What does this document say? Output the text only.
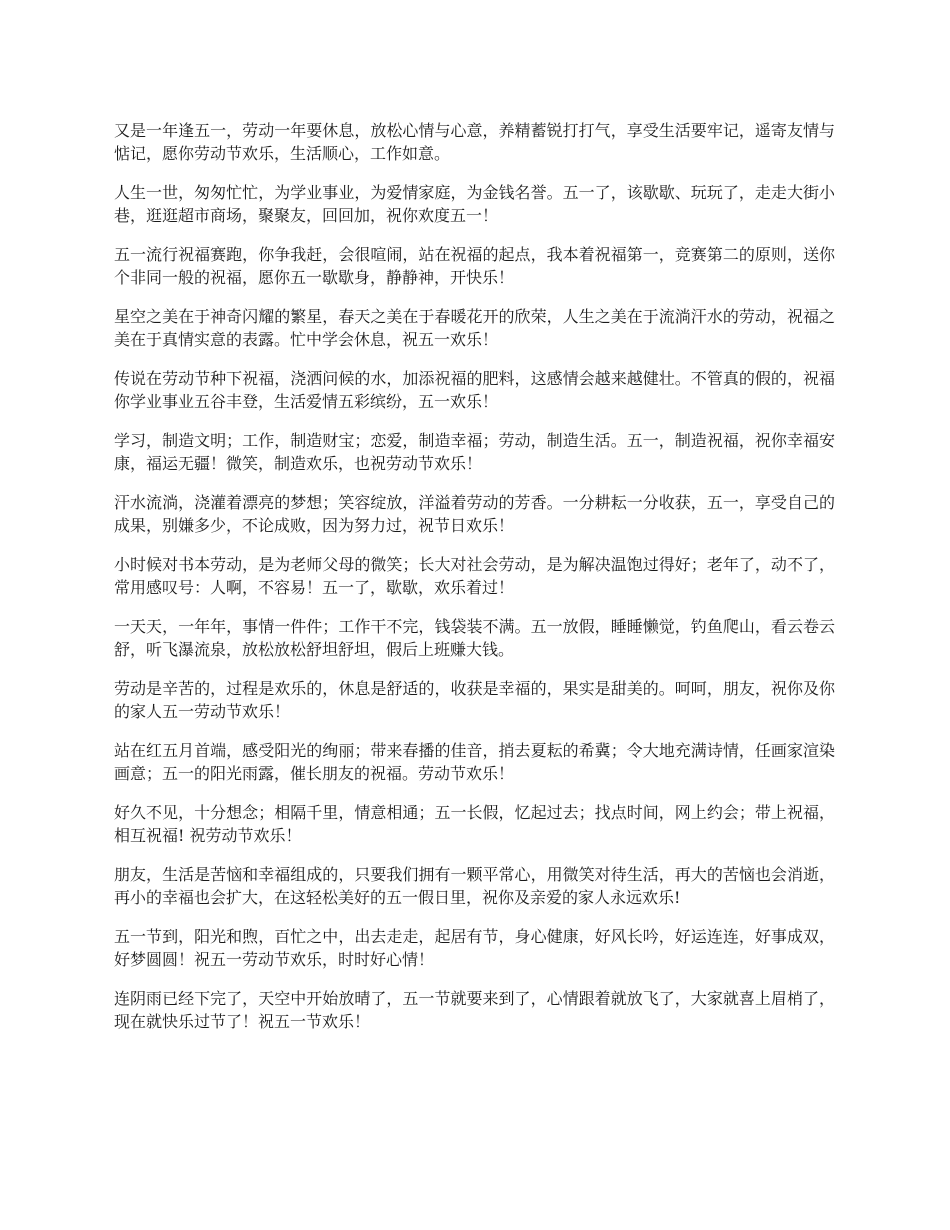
又是一年逢五一，劳动一年要休息，放松心情与心意，养精蓄锐打打气，享受生活要牢记，遥寄友情与惦记，愿你劳动节欢乐，生活顺心，工作如意。

人生一世，匆匆忙忙，为学业事业，为爱情家庭，为金钱名誉。五一了，该歇歇、玩玩了，走走大街小巷，逛逛超市商场，聚聚友，回回加，祝你欢度五一！

五一流行祝福赛跑，你争我赶，会很喧闹，站在祝福的起点，我本着祝福第一，竞赛第二的原则，送你个非同一般的祝福，愿你五一歇歇身，静静神，开快乐！

星空之美在于神奇闪耀的繁星，春天之美在于春暖花开的欣荣，人生之美在于流淌汗水的劳动，祝福之美在于真情实意的表露。忙中学会休息，祝五一欢乐！

传说在劳动节种下祝福，浇洒问候的水，加添祝福的肥料，这感情会越来越健壮。不管真的假的，祝福你学业事业五谷丰登，生活爱情五彩缤纷，五一欢乐！

学习，制造文明；工作，制造财宝；恋爱，制造幸福；劳动，制造生活。五一，制造祝福，祝你幸福安康，福运无疆！微笑，制造欢乐，也祝劳动节欢乐！

汗水流淌，浇灌着漂亮的梦想；笑容绽放，洋溢着劳动的芳香。一分耕耘一分收获，五一，享受自己的成果，别嫌多少，不论成败，因为努力过，祝节日欢乐！

小时候对书本劳动，是为老师父母的微笑；长大对社会劳动，是为解决温饱过得好；老年了，动不了，常用感叹号：人啊，不容易！五一了，歇歇，欢乐着过！

一天天，一年年，事情一件件；工作干不完，钱袋装不满。五一放假，睡睡懒觉，钓鱼爬山，看云卷云舒，听飞瀑流泉，放松放松舒坦舒坦，假后上班赚大钱。

劳动是辛苦的，过程是欢乐的，休息是舒适的，收获是幸福的，果实是甜美的。呵呵，朋友，祝你及你的家人五一劳动节欢乐！

站在红五月首端，感受阳光的绚丽；带来春播的佳音，捎去夏耘的希冀；令大地充满诗情，任画家渲染画意；五一的阳光雨露，催长朋友的祝福。劳动节欢乐！

好久不见，十分想念；相隔千里，情意相通；五一长假，忆起过去；找点时间，网上约会；带上祝福，相互祝福! 祝劳动节欢乐！

朋友，生活是苦恼和幸福组成的，只要我们拥有一颗平常心，用微笑对待生活，再大的苦恼也会消逝，再小的幸福也会扩大，在这轻松美好的五一假日里，祝你及亲爱的家人永远欢乐!

五一节到，阳光和煦，百忙之中，出去走走，起居有节，身心健康，好风长吟，好运连连，好事成双，好梦圆圆！祝五一劳动节欢乐，时时好心情！

连阴雨已经下完了，天空中开始放晴了，五一节就要来到了，心情跟着就放飞了，大家就喜上眉梢了，现在就快乐过节了！祝五一节欢乐！
